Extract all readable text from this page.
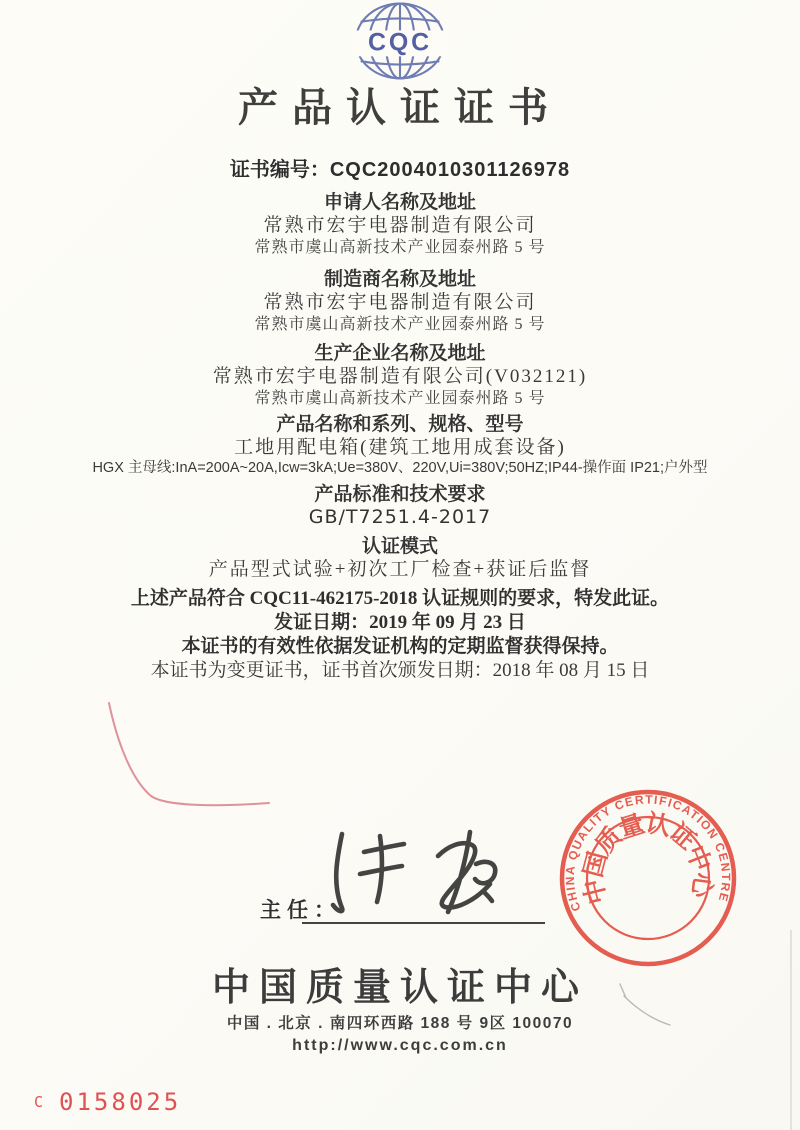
CQC
产品认证证书
证书编号：CQC2004010301126978
申请人名称及地址
常熟市宏宇电器制造有限公司
常熟市虞山高新技术产业园泰州路 5 号
制造商名称及地址
常熟市宏宇电器制造有限公司
常熟市虞山高新技术产业园泰州路 5 号
生产企业名称及地址
常熟市宏宇电器制造有限公司(V032121)
常熟市虞山高新技术产业园泰州路 5 号
产品名称和系列、规格、型号
工地用配电箱(建筑工地用成套设备)
HGX 主母线:InA=200A~20A,Icw=3kA;Ue=380V、220V,Ui=380V;50HZ;IP44-操作面 IP21;户外型
产品标准和技术要求
GB/T7251.4-2017
认证模式
产品型式试验+初次工厂检查+获证后监督
上述产品符合 CQC11-462175-2018 认证规则的要求，特发此证。
发证日期：2019 年 09 月 23 日
本证书的有效性依据发证机构的定期监督获得保持。
本证书为变更证书，证书首次颁发日期：2018 年 08 月 15 日
主任：	CHINA QUALITY CERTIFICATION CENTRE
中国质量认证中心
中国质量认证中心
中国 . 北京 . 南四环西路 188 号 9区 100070
http://www.cqc.com.cn
C 0158025
